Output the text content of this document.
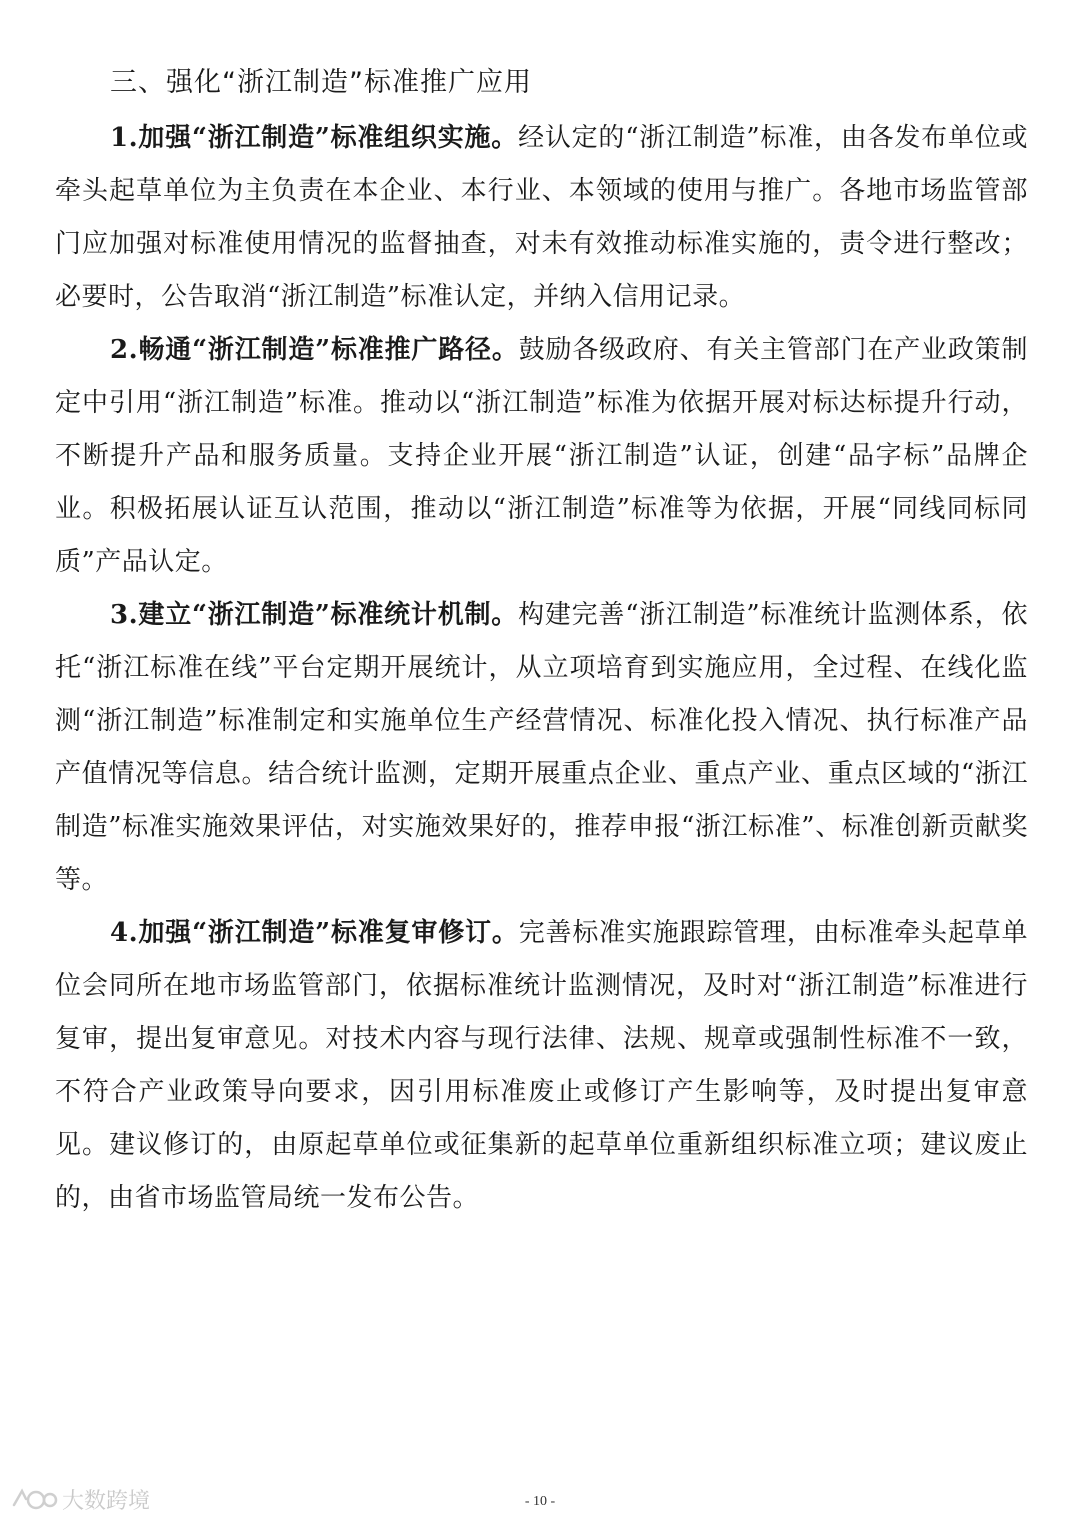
三、强化“浙江制造”标准推广应用

1.加强“浙江制造”标准组织实施。经认定的“浙江制造”标准，由各发布单位或牵头起草单位为主负责在本企业、本行业、本领域的使用与推广。各地市场监管部门应加强对标准使用情况的监督抽查，对未有效推动标准实施的，责令进行整改；必要时，公告取消“浙江制造”标准认定，并纳入信用记录。

2.畅通“浙江制造”标准推广路径。鼓励各级政府、有关主管部门在产业政策制定中引用“浙江制造”标准。推动以“浙江制造”标准为依据开展对标达标提升行动，不断提升产品和服务质量。支持企业开展“浙江制造”认证，创建“品字标”品牌企业。积极拓展认证互认范围，推动以“浙江制造”标准等为依据，开展“同线同标同质”产品认定。

3.建立“浙江制造”标准统计机制。构建完善“浙江制造”标准统计监测体系，依托“浙江标准在线”平台定期开展统计，从立项培育到实施应用，全过程、在线化监测“浙江制造”标准制定和实施单位生产经营情况、标准化投入情况、执行标准产品产值情况等信息。结合统计监测，定期开展重点企业、重点产业、重点区域的“浙江制造”标准实施效果评估，对实施效果好的，推荐申报“浙江标准”、标准创新贡献奖等。

4.加强“浙江制造”标准复审修订。完善标准实施跟踪管理，由标准牵头起草单位会同所在地市场监管部门，依据标准统计监测情况，及时对“浙江制造”标准进行复审，提出复审意见。对技术内容与现行法律、法规、规章或强制性标准不一致，不符合产业政策导向要求，因引用标准废止或修订产生影响等，及时提出复审意见。建议修订的，由原起草单位或征集新的起草单位重新组织标准立项；建议废止的，由省市场监管局统一发布公告。

大数跨境	- 10 -
